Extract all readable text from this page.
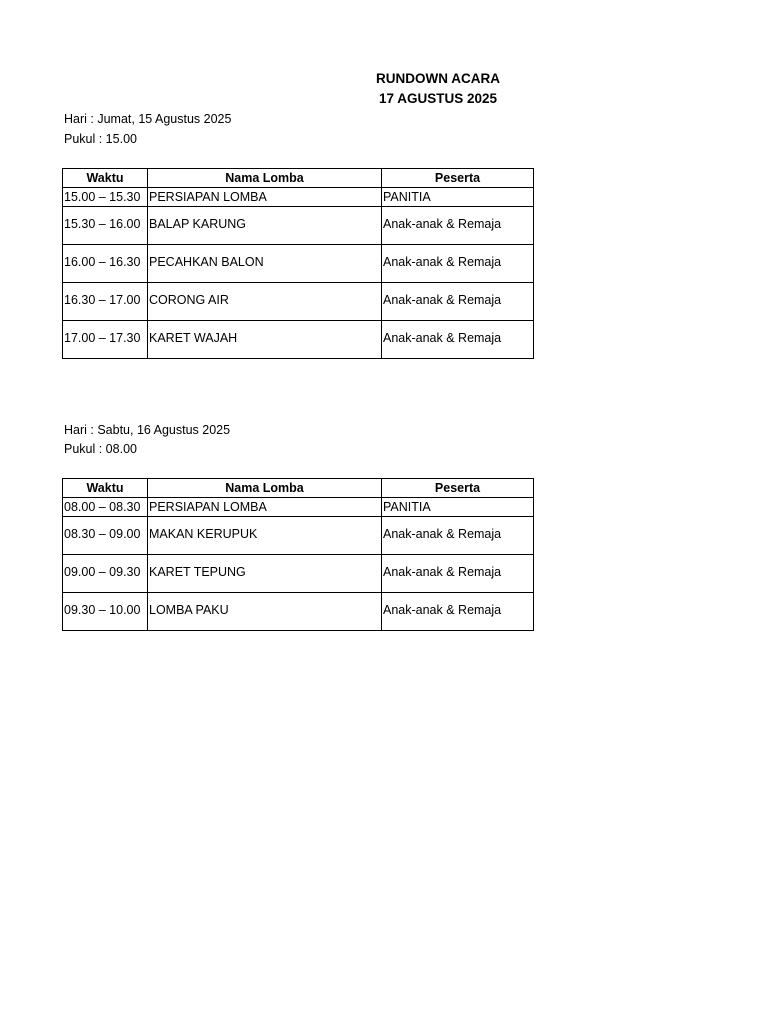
RUNDOWN ACARA
17 AGUSTUS 2025
Hari : Jumat, 15 Agustus 2025
Pukul : 15.00
Waktu	Nama Lomba	Peserta
15.00 – 15.30	PERSIAPAN LOMBA	PANITIA
15.30 – 16.00	BALAP KARUNG	Anak-anak & Remaja
16.00 – 16.30	PECAHKAN BALON	Anak-anak & Remaja
16.30 – 17.00	CORONG AIR	Anak-anak & Remaja
17.00 – 17.30	KARET WAJAH	Anak-anak & Remaja
Hari : Sabtu, 16 Agustus 2025
Pukul : 08.00
Waktu	Nama Lomba	Peserta
08.00 – 08.30	PERSIAPAN LOMBA	PANITIA
08.30 – 09.00	MAKAN KERUPUK	Anak-anak & Remaja
09.00 – 09.30	KARET TEPUNG	Anak-anak & Remaja
09.30 – 10.00	LOMBA PAKU	Anak-anak & Remaja
